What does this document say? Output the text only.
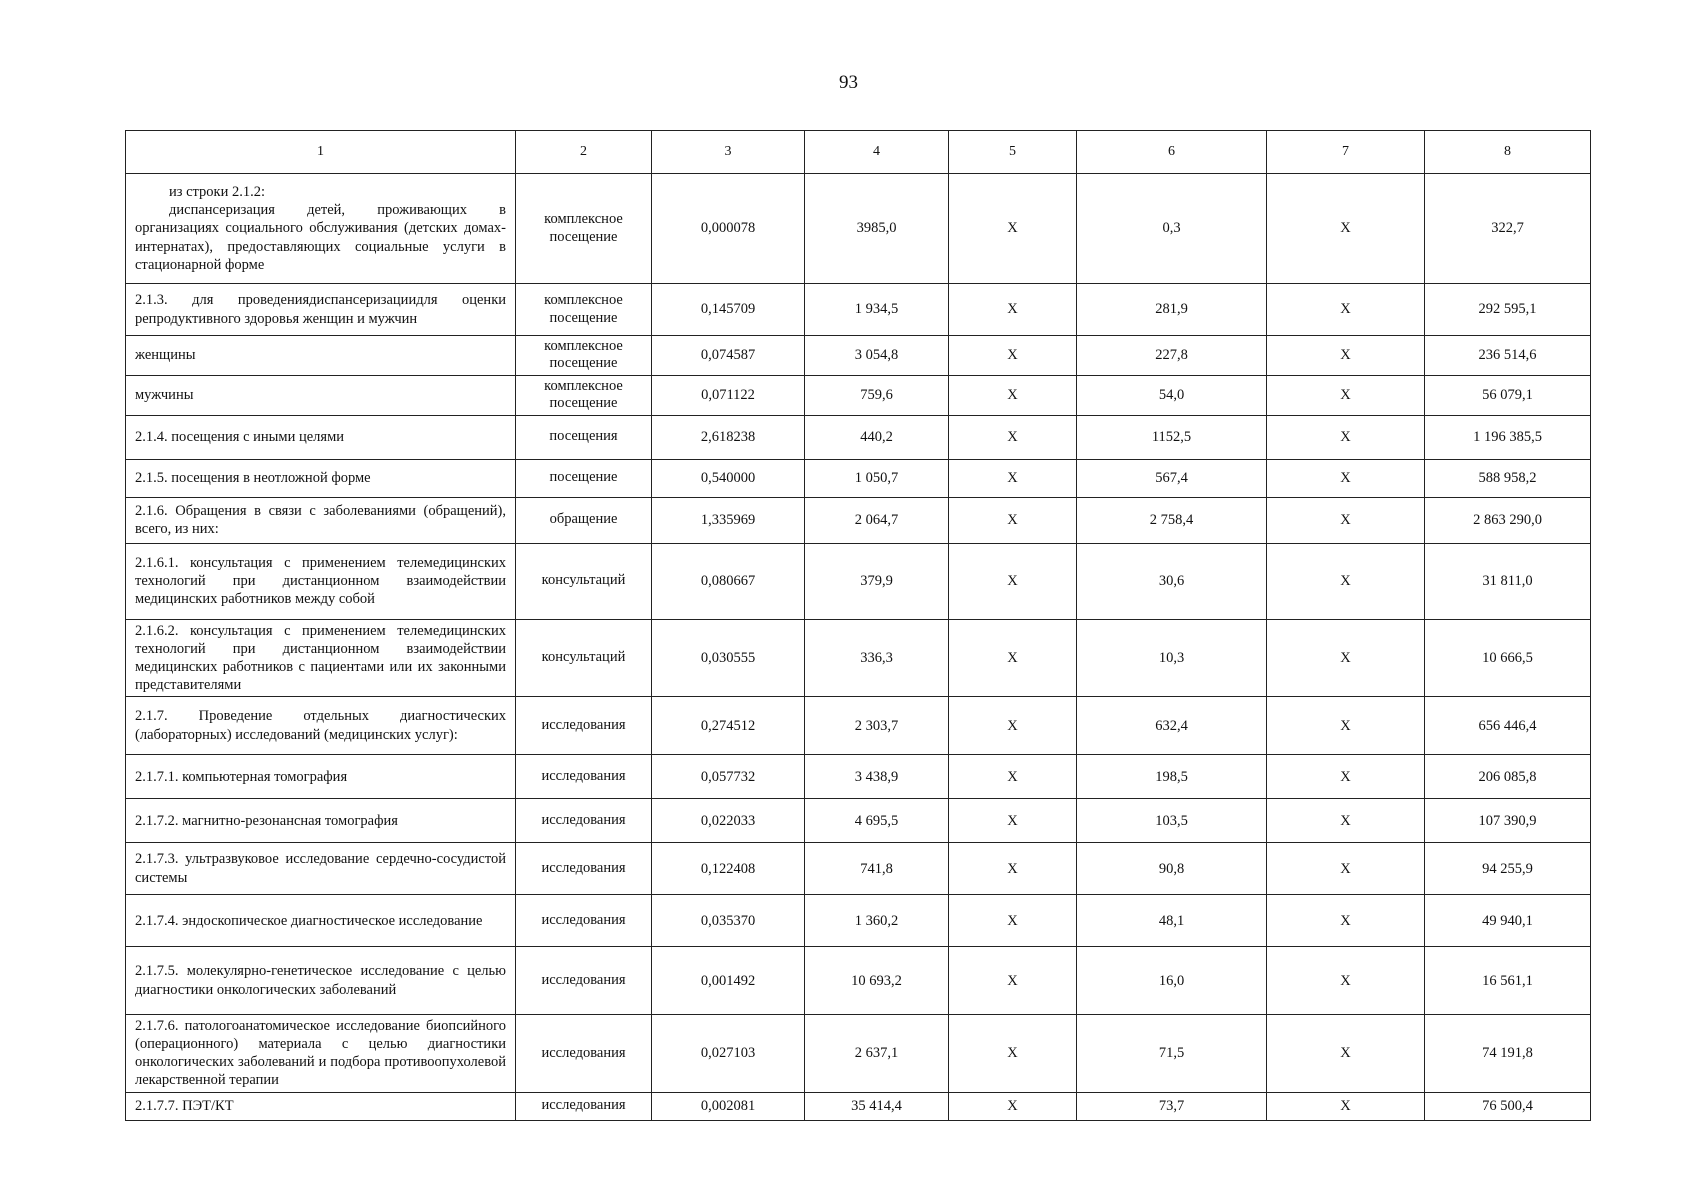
93
1	2	3	4	5	6	7	8

из строки 2.1.2:
диспансеризация детей, проживающих в организациях социального обслуживания (детских домах-интернатах), предоставляющих социальные услуги в стационарной форме	комплексное посещение	0,000078	3985,0	X	0,3	X	322,7
2.1.3. для проведениядиспансеризациидля оценки репродуктивного здоровья женщин и мужчин	комплексное посещение	0,145709	1 934,5	X	281,9	X	292 595,1
женщины	комплексное посещение	0,074587	3 054,8	X	227,8	X	236 514,6
мужчины	комплексное посещение	0,071122	759,6	X	54,0	X	56 079,1
2.1.4. посещения с иными целями	посещения	2,618238	440,2	X	1152,5	X	1 196 385,5
2.1.5. посещения в неотложной форме	посещение	0,540000	1 050,7	X	567,4	X	588 958,2
2.1.6. Обращения в связи с заболеваниями (обращений), всего, из них:	обращение	1,335969	2 064,7	X	2 758,4	X	2 863 290,0
2.1.6.1. консультация с применением телемедицинских технологий при дистанционном взаимодействии медицинских работников между собой	консультаций	0,080667	379,9	X	30,6	X	31 811,0
2.1.6.2. консультация с применением телемедицинских технологий при дистанционном взаимодействии медицинских работников с пациентами или их законными представителями	консультаций	0,030555	336,3	X	10,3	X	10 666,5
2.1.7. Проведение отдельных диагностических (лабораторных) исследований (медицинских услуг):	исследования	0,274512	2 303,7	X	632,4	X	656 446,4
2.1.7.1. компьютерная томография	исследования	0,057732	3 438,9	X	198,5	X	206 085,8
2.1.7.2. магнитно-резонансная томография	исследования	0,022033	4 695,5	X	103,5	X	107 390,9
2.1.7.3. ультразвуковое исследование сердечно-сосудистой системы	исследования	0,122408	741,8	X	90,8	X	94 255,9
2.1.7.4. эндоскопическое диагностическое исследование	исследования	0,035370	1 360,2	X	48,1	X	49 940,1
2.1.7.5. молекулярно-генетическое исследование с целью диагностики онкологических заболеваний	исследования	0,001492	10 693,2	X	16,0	X	16 561,1
2.1.7.6. патологоанатомическое исследование биопсийного (операционного) материала с целью диагностики онкологических заболеваний и подбора противоопухолевой лекарственной терапии	исследования	0,027103	2 637,1	X	71,5	X	74 191,8
2.1.7.7. ПЭТ/КТ	исследования	0,002081	35 414,4	X	73,7	X	76 500,4
